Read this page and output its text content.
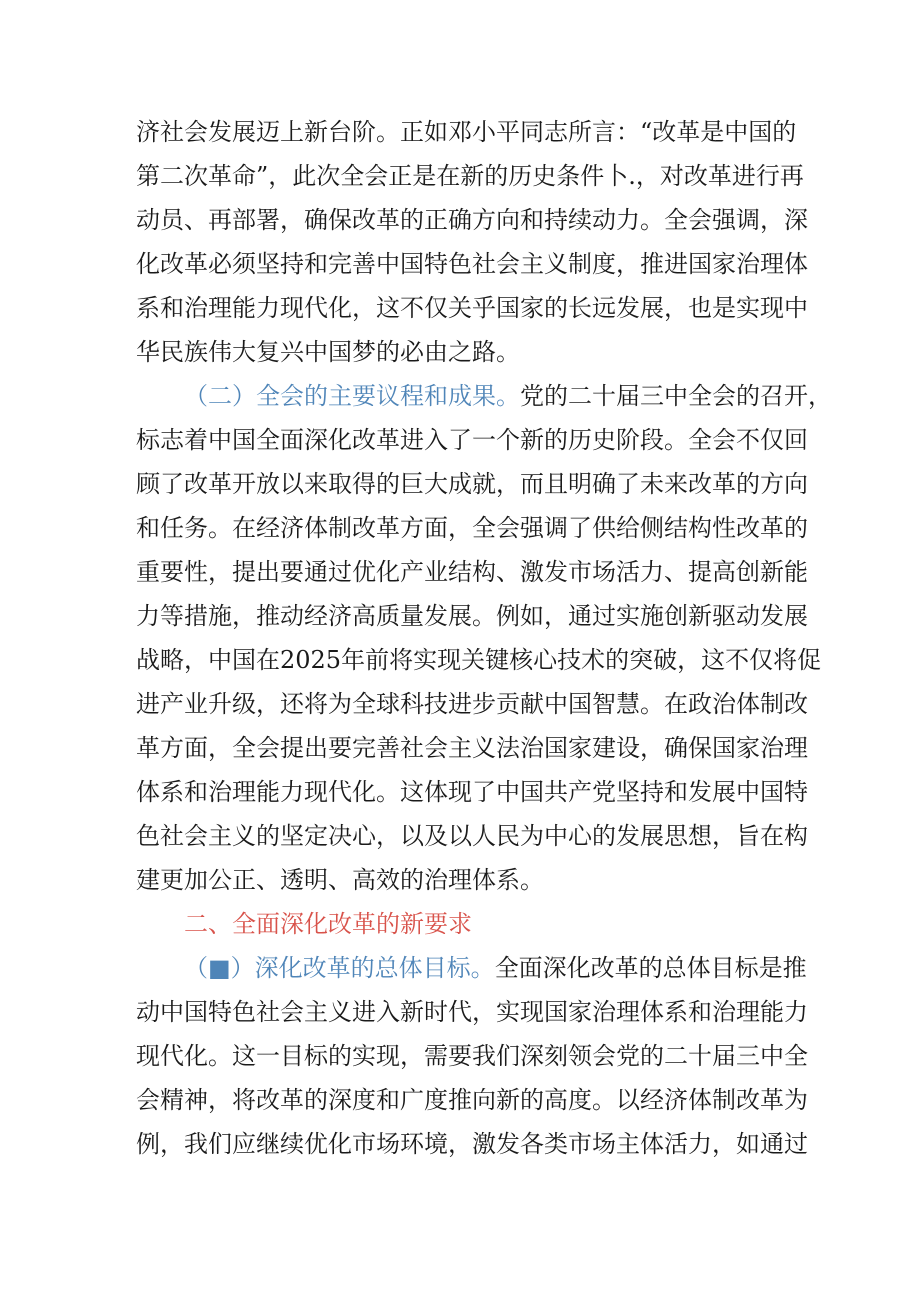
济社会发展迈上新台阶。正如邓小平同志所言：“改革是中国的
第二次革命”，此次全会正是在新的历史条件卜.，对改革进行再
动员、再部署，确保改革的正确方向和持续动力。全会强调，深
化改革必须坚持和完善中国特色社会主义制度，推进国家治理体
系和治理能力现代化，这不仅关乎国家的长远发展，也是实现中
华民族伟大复兴中国梦的必由之路。
（二）全会的主要议程和成果。党的二十届三中全会的召开，
标志着中国全面深化改革进入了一个新的历史阶段。全会不仅回
顾了改革开放以来取得的巨大成就，而且明确了未来改革的方向
和任务。在经济体制改革方面，全会强调了供给侧结构性改革的
重要性，提出要通过优化产业结构、激发市场活力、提高创新能
力等措施，推动经济高质量发展。例如，通过实施创新驱动发展
战略，中国在2025年前将实现关键核心技术的突破，这不仅将促
进产业升级，还将为全球科技进步贡献中国智慧。在政治体制改
革方面，全会提出要完善社会主义法治国家建设，确保国家治理
体系和治理能力现代化。这体现了中国共产党坚持和发展中国特
色社会主义的坚定决心，以及以人民为中心的发展思想，旨在构
建更加公正、透明、高效的治理体系。
二、全面深化改革的新要求
（■）深化改革的总体目标。全面深化改革的总体目标是推
动中国特色社会主义进入新时代，实现国家治理体系和治理能力
现代化。这一目标的实现，需要我们深刻领会党的二十届三中全
会精神，将改革的深度和广度推向新的高度。以经济体制改革为
例，我们应继续优化市场环境，激发各类市场主体活力，如通过
